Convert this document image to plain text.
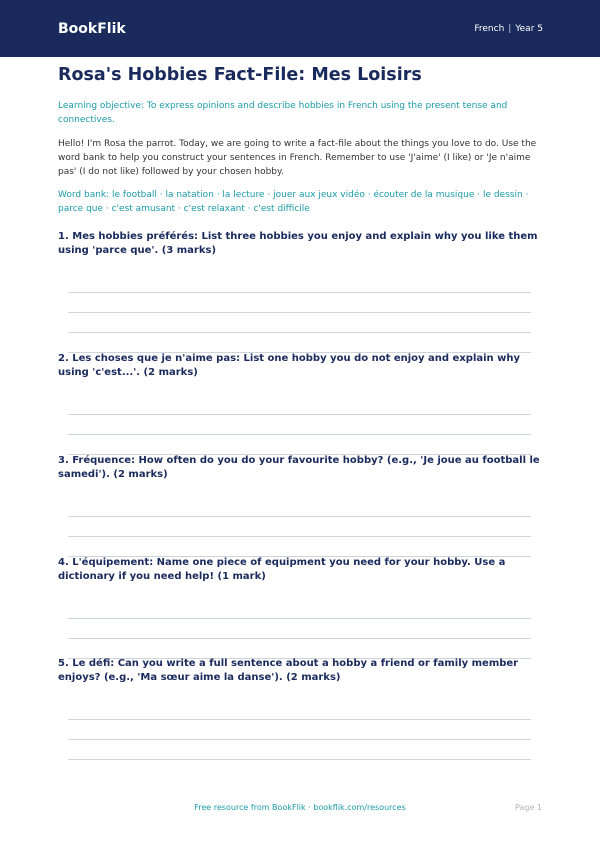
BookFlik	French | Year 5
Rosa's Hobbies Fact-File: Mes Loisirs
Learning objective: To express opinions and describe hobbies in French using the present tense and connectives.
Hello! I'm Rosa the parrot. Today, we are going to write a fact-file about the things you love to do. Use the word bank to help you construct your sentences in French. Remember to use 'J'aime' (I like) or 'Je n'aime pas' (I do not like) followed by your chosen hobby.
Word bank: le football · la natation · la lecture · jouer aux jeux vidéo · écouter de la musique · le dessin · parce que · c'est amusant · c'est relaxant · c'est difficile
1. Mes hobbies préférés: List three hobbies you enjoy and explain why you like them using 'parce que'. (3 marks)
2. Les choses que je n'aime pas: List one hobby you do not enjoy and explain why using 'c'est...'. (2 marks)
3. Fréquence: How often do you do your favourite hobby? (e.g., 'Je joue au football le samedi'). (2 marks)
4. L'équipement: Name one piece of equipment you need for your hobby. Use a dictionary if you need help! (1 mark)
5. Le défi: Can you write a full sentence about a hobby a friend or family member enjoys? (e.g., 'Ma sœur aime la danse'). (2 marks)
Free resource from BookFlik · bookflik.com/resources	Page 1
